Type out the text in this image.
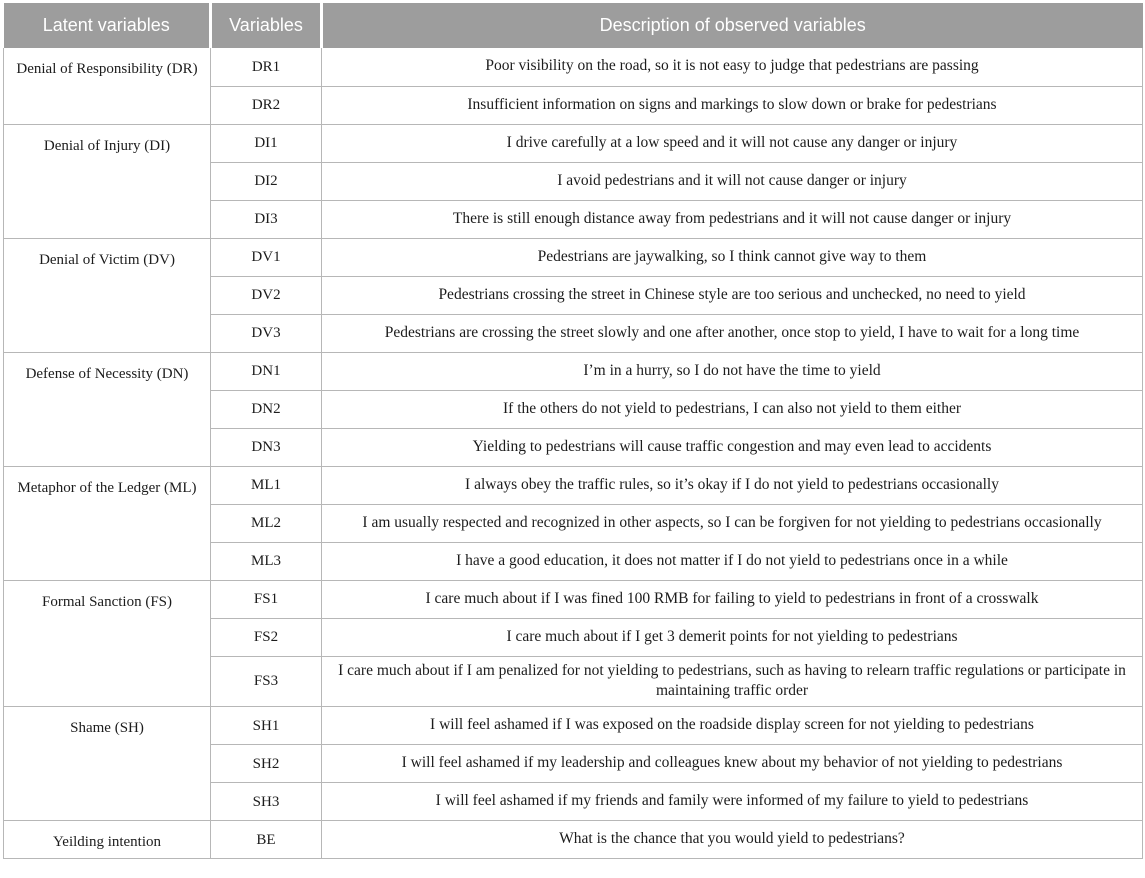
Latent variables	Variables	Description of observed variables
Denial of Responsibility (DR)	DR1	Poor visibility on the road, so it is not easy to judge that pedestrians are passing
	DR2	Insufficient information on signs and markings to slow down or brake for pedestrians
Denial of Injury (DI)	DI1	I drive carefully at a low speed and it will not cause any danger or injury
	DI2	I avoid pedestrians and it will not cause danger or injury
	DI3	There is still enough distance away from pedestrians and it will not cause danger or injury
Denial of Victim (DV)	DV1	Pedestrians are jaywalking, so I think cannot give way to them
	DV2	Pedestrians crossing the street in Chinese style are too serious and unchecked, no need to yield
	DV3	Pedestrians are crossing the street slowly and one after another, once stop to yield, I have to wait for a long time
Defense of Necessity (DN)	DN1	I’m in a hurry, so I do not have the time to yield
	DN2	If the others do not yield to pedestrians, I can also not yield to them either
	DN3	Yielding to pedestrians will cause traffic congestion and may even lead to accidents
Metaphor of the Ledger (ML)	ML1	I always obey the traffic rules, so it’s okay if I do not yield to pedestrians occasionally
	ML2	I am usually respected and recognized in other aspects, so I can be forgiven for not yielding to pedestrians occasionally
	ML3	I have a good education, it does not matter if I do not yield to pedestrians once in a while
Formal Sanction (FS)	FS1	I care much about if I was fined 100 RMB for failing to yield to pedestrians in front of a crosswalk
	FS2	I care much about if I get 3 demerit points for not yielding to pedestrians
	FS3	I care much about if I am penalized for not yielding to pedestrians, such as having to relearn traffic regulations or participate in maintaining traffic order
Shame (SH)	SH1	I will feel ashamed if I was exposed on the roadside display screen for not yielding to pedestrians
	SH2	I will feel ashamed if my leadership and colleagues knew about my behavior of not yielding to pedestrians
	SH3	I will feel ashamed if my friends and family were informed of my failure to yield to pedestrians
Yeilding intention	BE	What is the chance that you would yield to pedestrians?
